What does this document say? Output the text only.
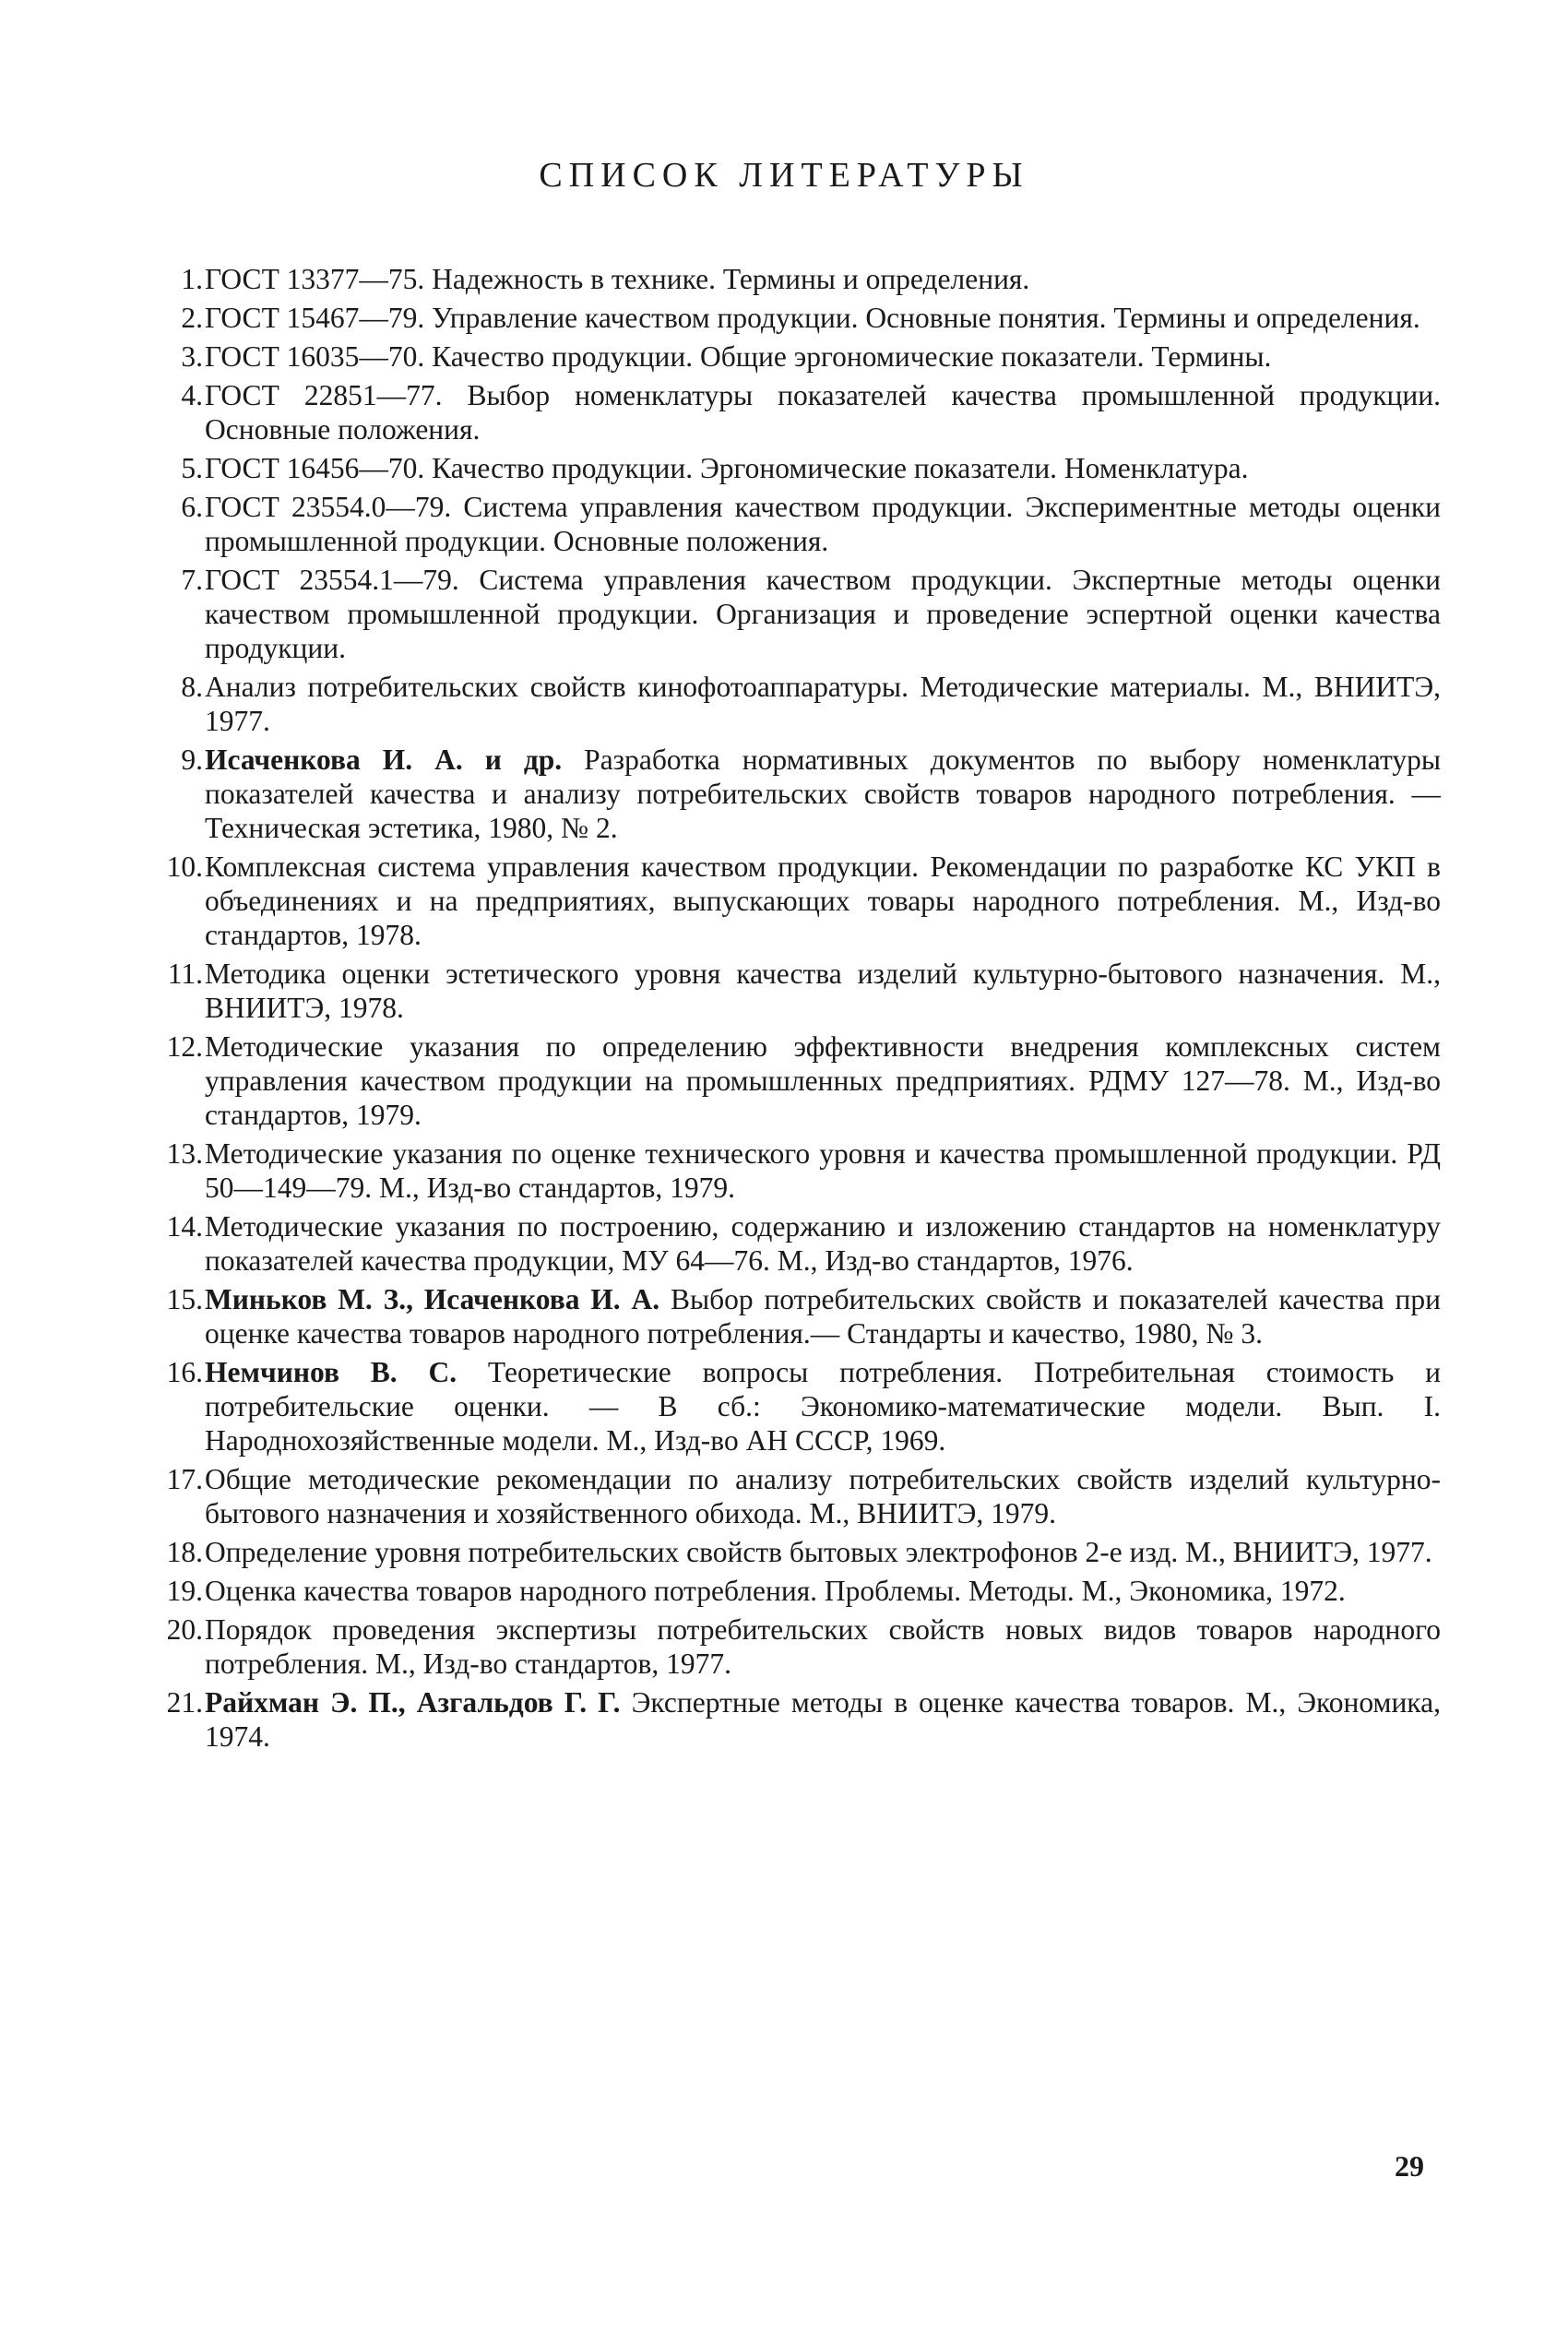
СПИСОК ЛИТЕРАТУРЫ
1. ГОСТ 13377—75. Надежность в технике. Термины и определения.
2. ГОСТ 15467—79. Управление качеством продукции. Основные понятия. Термины и определения.
3. ГОСТ 16035—70. Качество продукции. Общие эргономические показатели. Термины.
4. ГОСТ 22851—77. Выбор номенклатуры показателей качества промышленной продукции. Основные положения.
5. ГОСТ 16456—70. Качество продукции. Эргономические показатели. Номенклатура.
6. ГОСТ 23554.0—79. Система управления качеством продукции. Экспериментные методы оценки промышленной продукции. Основные положения.
7. ГОСТ 23554.1—79. Система управления качеством продукции. Экспертные методы оценки качеством промышленной продукции. Организация и проведение эспертной оценки качества продукции.
8. Анализ потребительских свойств кинофотоаппаратуры. Методические материалы. М., ВНИИТЭ, 1977.
9. Исаченкова И. А. и др. Разработка нормативных документов по выбору номенклатуры показателей качества и анализу потребительских свойств товаров народного потребления. — Техническая эстетика, 1980, № 2.
10. Комплексная система управления качеством продукции. Рекомендации по разработке КС УКП в объединениях и на предприятиях, выпускающих товары народного потребления. М., Изд-во стандартов, 1978.
11. Методика оценки эстетического уровня качества изделий культурно-бытового назначения. М., ВНИИТЭ, 1978.
12. Методические указания по определению эффективности внедрения комплексных систем управления качеством продукции на промышленных предприятиях. РДМУ 127—78. М., Изд-во стандартов, 1979.
13. Методические указания по оценке технического уровня и качества промышленной продукции. РД 50—149—79. М., Изд-во стандартов, 1979.
14. Методические указания по построению, содержанию и изложению стандартов на номенклатуру показателей качества продукции, МУ 64—76. М., Изд-во стандартов, 1976.
15. Миньков М. З., Исаченкова И. А. Выбор потребительских свойств и показателей качества при оценке качества товаров народного потребления.— Стандарты и качество, 1980, № 3.
16. Немчинов В. С. Теоретические вопросы потребления. Потребительная стоимость и потребительские оценки. — В сб.: Экономико-математические модели. Вып. I. Народнохозяйственные модели. М., Изд-во АН СССР, 1969.
17. Общие методические рекомендации по анализу потребительских свойств изделий культурно-бытового назначения и хозяйственного обихода. М., ВНИИТЭ, 1979.
18. Определение уровня потребительских свойств бытовых электрофонов 2-е изд. М., ВНИИТЭ, 1977.
19. Оценка качества товаров народного потребления. Проблемы. Методы. М., Экономика, 1972.
20. Порядок проведения экспертизы потребительских свойств новых видов товаров народного потребления. М., Изд-во стандартов, 1977.
21. Райхман Э. П., Азгальдов Г. Г. Экспертные методы в оценке качества товаров. М., Экономика, 1974.
29
